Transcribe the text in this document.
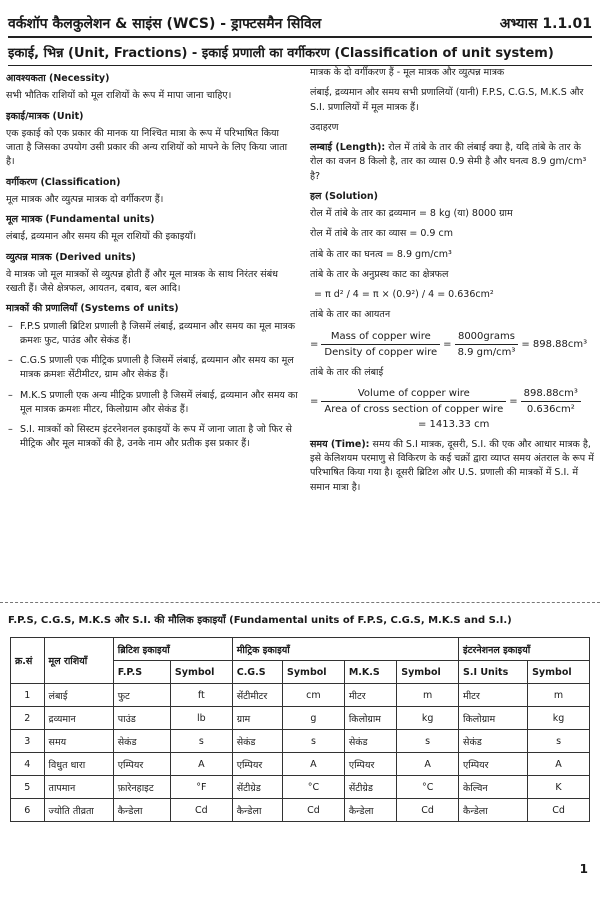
वर्कशॉप कैलकुलेशन & साइंस (WCS) - ड्राफ्टसमैन सिविल	अभ्यास 1.1.01
इकाई, भिन्न (Unit, Fractions) - इकाई प्रणाली का वर्गीकरण (Classification of unit system)
आवश्यकता (Necessity)

सभी भौतिक राशियों को मूल राशियों के रूप में मापा जाना चाहिए।

इकाई/मात्रक (Unit)

एक इकाई को एक प्रकार की मानक या निश्चित मात्रा के रूप में परिभाषित किया जाता है जिसका उपयोग उसी प्रकार की अन्य राशियों को मापने के लिए किया जाता है।

वर्गीकरण (Classification)

मूल मात्रक और व्युत्पन्न मात्रक दो वर्गीकरण हैं।

मूल मात्रक (Fundamental units)

लंबाई, द्रव्यमान और समय की मूल राशियों की इकाइयाँ।

व्युत्पन्न मात्रक (Derived units)

वे मात्रक जो मूल मात्रकों से व्युत्पन्न होती हैं और मूल मात्रक के साथ निरंतर संबंध रखती हैं। जैसे क्षेत्रफल, आयतन, दबाव, बल आदि।

मात्रकों की प्रणालियाँ (Systems of units)
– F.P.S प्रणाली ब्रिटिश प्रणाली है जिसमें लंबाई, द्रव्यमान और समय का मूल मात्रक क्रमशः फुट, पाउंड और सेकंड हैं।
– C.G.S प्रणाली एक मीट्रिक प्रणाली है जिसमें लंबाई, द्रव्यमान और समय का मूल मात्रक क्रमशः सेंटीमीटर, ग्राम और सेकंड हैं।
– M.K.S प्रणाली एक अन्य मीट्रिक प्रणाली है जिसमें लंबाई, द्रव्यमान और समय का मूल मात्रक क्रमशः मीटर, किलोग्राम और सेकंड हैं।
– S.I. मात्रकों को सिस्टम इंटरनेशनल इकाइयों के रूप में जाना जाता है जो फिर से मीट्रिक और मूल मात्रकों की है, उनके नाम और प्रतीक इस प्रकार हैं।

मात्रक के दो वर्गीकरण हैं - मूल मात्रक और व्युत्पन्न मात्रक

लंबाई, द्रव्यमान और समय सभी प्रणालियों (यानी) F.P.S, C.G.S, M.K.S और S.I. प्रणालियों में मूल मात्रक हैं।

उदाहरण

लम्बाई (Length): रोल में तांबे के तार की लंबाई क्या है, यदि तांबे के तार के रोल का वजन 8 किलो है, तार का व्यास 0.9 सेमी है और घनत्व 8.9 gm/cm³ है?

हल (Solution)

रोल में तांबे के तार का द्रव्यमान = 8 kg (या) 8000 ग्राम

रोल में तांबे के तार का व्यास = 0.9 cm

तांबे के तार का घनत्व = 8.9 gm/cm³

तांबे के तार के अनुप्रस्थ काट का क्षेत्रफल

= π d² / 4 = π × (0.9²) / 4 = 0.636cm²

तांबे के तार का आयतन

= $\frac{\text{Mass of copper wire}}{\text{Density of copper wire}} = \frac{\text{8000grams}}{\text{8.9 gm/cm³}} = 898.88cm^3$

तांबे के तार की लंबाई

= $\frac{\text{Volume of copper wire}}{\text{Area of cross section of copper wire}} = \frac{\text{898.88cm³}}{\text{0.636cm²}}$
= 1413.33 cm

समय (Time): समय की S.I मात्रक, दूसरी, S.I. की एक और आधार मात्रक है, इसे केलिशयम परमाणु से विकिरण के कई चक्रों द्वारा व्याप्त समय अंतराल के रूप में परिभाषित किया गया है। दूसरी ब्रिटिश और U.S. प्रणाली की मात्रकों में S.I. में समान मात्रा है।

F.P.S, C.G.S, M.K.S और S.I. की मौलिक इकाइयाँ (Fundamental units of F.P.S, C.G.S, M.K.S and S.I.)
क्र.सं	मूल राशियाँ	ब्रिटिश इकाइयाँ		मीट्रिक इकाइयाँ				इंटरनेशनल इकाइयाँ	
		F.P.S	Symbol	C.G.S	Symbol	M.K.S	Symbol	S.I Units	Symbol
1	लंबाई	फुट	ft	सेंटीमीटर	cm	मीटर	m	मीटर	m
2	द्रव्यमान	पाउंड	lb	ग्राम	g	किलोग्राम	kg	किलोग्राम	kg
3	समय	सेकंड	s	सेकंड	s	सेकंड	s	सेकंड	s
4	विधुत धारा	एम्पियर	A	एम्पियर	A	एम्पियर	A	एम्पियर	A
5	तापमान	फ़ारेनहाइट	°F	सेंटीग्रेड	°C	सेंटीग्रेड	°C	केल्विन	K
6	ज्योति तीव्रता	कैन्डेला	Cd	कैन्डेला	Cd	कैन्डेला	Cd	कैन्डेला	Cd
1
